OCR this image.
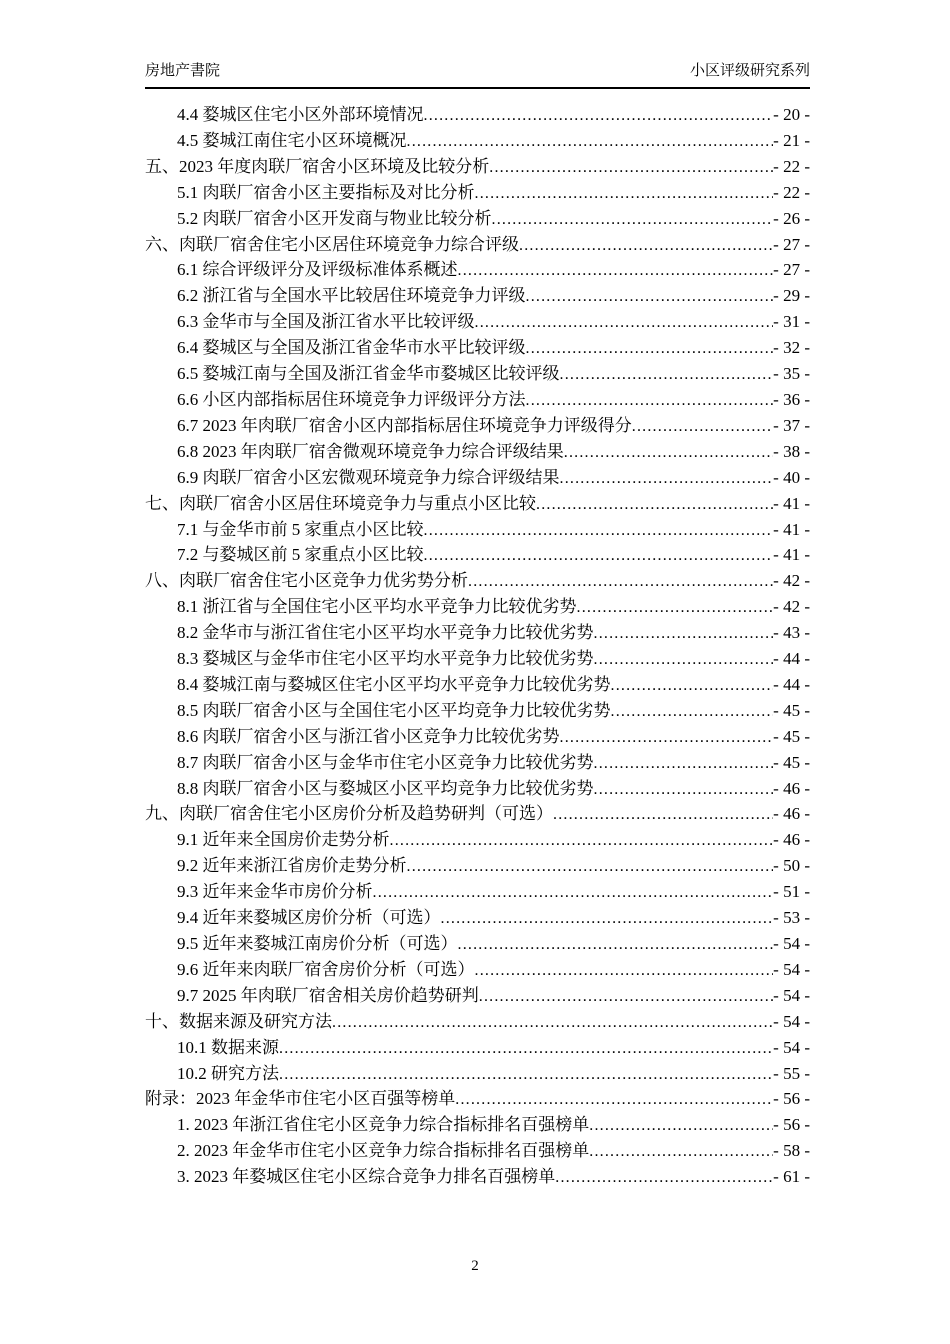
房地产書院	小区评级研究系列
4.4 婺城区住宅小区外部环境情况 .....	- 20 -
4.5 婺城江南住宅小区环境概况 .....	- 21 -
五、2023 年度肉联厂宿舍小区环境及比较分析 .....	- 22 -
5.1 肉联厂宿舍小区主要指标及对比分析 .....	- 22 -
5.2 肉联厂宿舍小区开发商与物业比较分析 .....	- 26 -
六、肉联厂宿舍住宅小区居住环境竞争力综合评级 .....	- 27 -
6.1 综合评级评分及评级标准体系概述 .....	- 27 -
6.2 浙江省与全国水平比较居住环境竞争力评级 .....	- 29 -
6.3 金华市与全国及浙江省水平比较评级 .....	- 31 -
6.4 婺城区与全国及浙江省金华市水平比较评级 .....	- 32 -
6.5 婺城江南与全国及浙江省金华市婺城区比较评级 .....	- 35 -
6.6 小区内部指标居住环境竞争力评级评分方法 .....	- 36 -
6.7 2023 年肉联厂宿舍小区内部指标居住环境竞争力评级得分 .....	- 37 -
6.8 2023 年肉联厂宿舍微观环境竞争力综合评级结果 .....	- 38 -
6.9 肉联厂宿舍小区宏微观环境竞争力综合评级结果 .....	- 40 -
七、肉联厂宿舍小区居住环境竞争力与重点小区比较 .....	- 41 -
7.1 与金华市前 5 家重点小区比较 .....	- 41 -
7.2 与婺城区前 5 家重点小区比较 .....	- 41 -
八、肉联厂宿舍住宅小区竞争力优劣势分析 .....	- 42 -
8.1 浙江省与全国住宅小区平均水平竞争力比较优劣势 .....	- 42 -
8.2 金华市与浙江省住宅小区平均水平竞争力比较优劣势 .....	- 43 -
8.3 婺城区与金华市住宅小区平均水平竞争力比较优劣势 .....	- 44 -
8.4 婺城江南与婺城区住宅小区平均水平竞争力比较优劣势 .....	- 44 -
8.5 肉联厂宿舍小区与全国住宅小区平均竞争力比较优劣势 .....	- 45 -
8.6 肉联厂宿舍小区与浙江省小区竞争力比较优劣势 .....	- 45 -
8.7 肉联厂宿舍小区与金华市住宅小区竞争力比较优劣势 .....	- 45 -
8.8 肉联厂宿舍小区与婺城区小区平均竞争力比较优劣势 .....	- 46 -
九、肉联厂宿舍住宅小区房价分析及趋势研判（可选） .....	- 46 -
9.1 近年来全国房价走势分析 .....	- 46 -
9.2 近年来浙江省房价走势分析 .....	- 50 -
9.3 近年来金华市房价分析 .....	- 51 -
9.4 近年来婺城区房价分析（可选） .....	- 53 -
9.5 近年来婺城江南房价分析（可选） .....	- 54 -
9.6 近年来肉联厂宿舍房价分析（可选） .....	- 54 -
9.7 2025 年肉联厂宿舍相关房价趋势研判 .....	- 54 -
十、数据来源及研究方法 .....	- 54 -
10.1 数据来源 .....	- 54 -
10.2 研究方法 .....	- 55 -
附录：2023 年金华市住宅小区百强等榜单 .....	- 56 -
1. 2023 年浙江省住宅小区竞争力综合指标排名百强榜单 .....	- 56 -
2. 2023 年金华市住宅小区竞争力综合指标排名百强榜单 .....	- 58 -
3. 2023 年婺城区住宅小区综合竞争力排名百强榜单 .....	- 61 -
2
